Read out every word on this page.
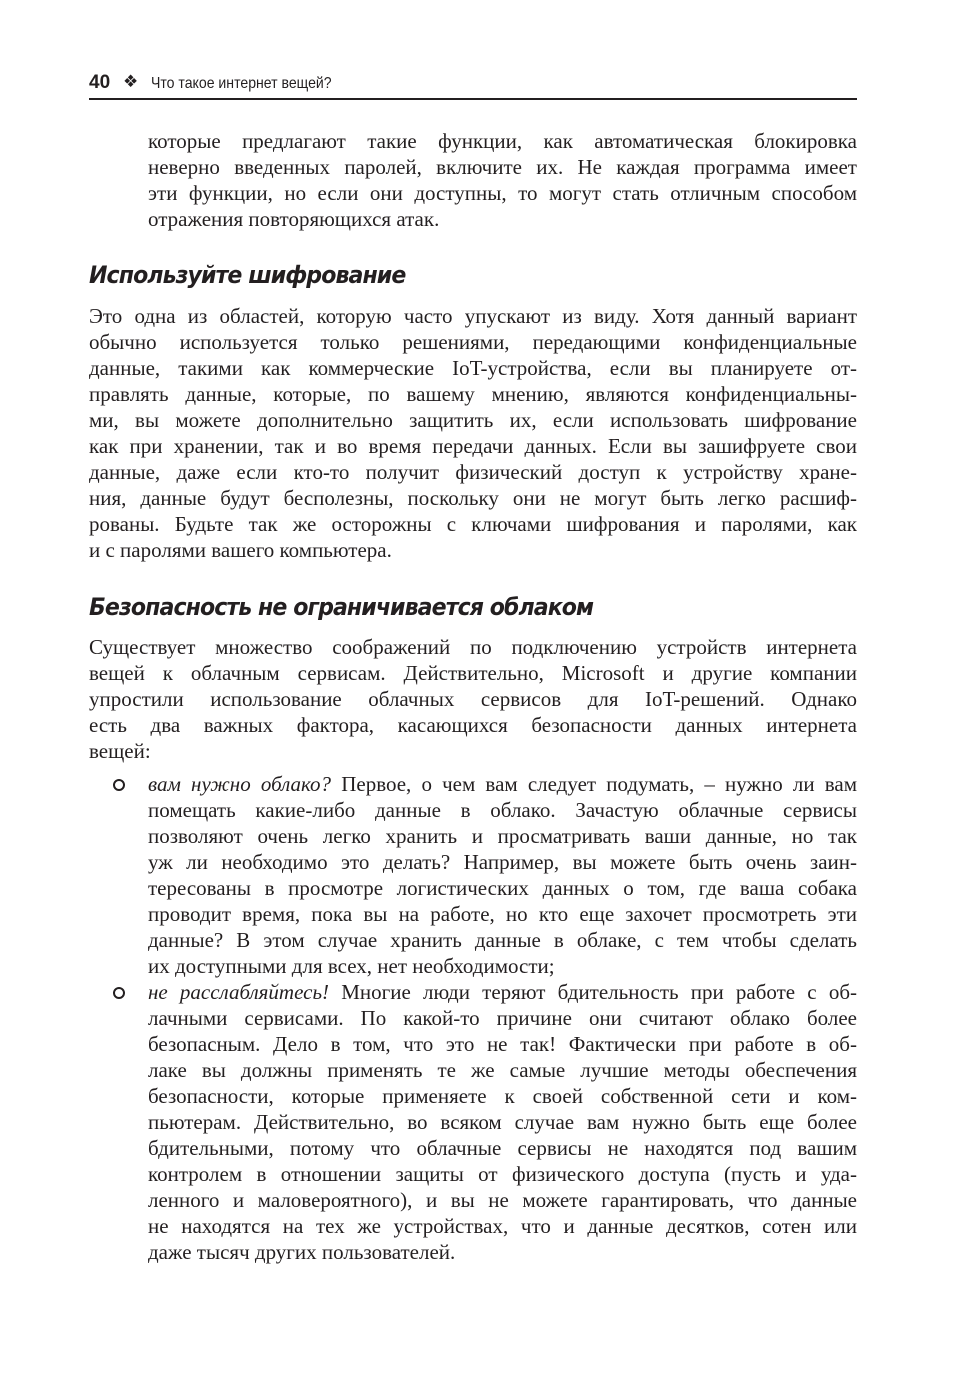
40 ❖ Что такое интернет вещей?
которые предлагают такие функции, как автоматическая блокировка
неверно введенных паролей, включите их. Не каждая программа имеет
эти функции, но если они доступны, то могут стать отличным способом
отражения повторяющихся атак.
Используйте шифрование
Это одна из областей, которую часто упускают из виду. Хотя данный вариант
обычно используется только решениями, передающими конфиденциальные
данные, такими как коммерческие IoT-устройства, если вы планируете от-
правлять данные, которые, по вашему мнению, являются конфиденциальны-
ми, вы можете дополнительно защитить их, если использовать шифрование
как при хранении, так и во время передачи данных. Если вы зашифруете свои
данные, даже если кто-то получит физический доступ к устройству хране-
ния, данные будут бесполезны, поскольку они не могут быть легко расшиф-
рованы. Будьте так же осторожны с ключами шифрования и паролями, как
и с паролями вашего компьютера.
Безопасность не ограничивается облаком
Существует множество соображений по подключению устройств интернета
вещей к облачным сервисам. Действительно, Microsoft и другие компании
упростили использование облачных сервисов для IoT-решений. Однако
есть два важных фактора, касающихся безопасности данных интернета
вещей:
вам нужно облако? Первое, о чем вам следует подумать, – нужно ли вам
помещать какие-либо данные в облако. Зачастую облачные сервисы
позволяют очень легко хранить и просматривать ваши данные, но так
уж ли необходимо это делать? Например, вы можете быть очень заин-
тересованы в просмотре логистических данных о том, где ваша собака
проводит время, пока вы на работе, но кто еще захочет просмотреть эти
данные? В этом случае хранить данные в облаке, с тем чтобы сделать
их доступными для всех, нет необходимости;
не расслабляйтесь! Многие люди теряют бдительность при работе с об-
лачными сервисами. По какой-то причине они считают облако более
безопасным. Дело в том, что это не так! Фактически при работе в об-
лаке вы должны применять те же самые лучшие методы обеспечения
безопасности, которые применяете к своей собственной сети и ком-
пьютерам. Действительно, во всяком случае вам нужно быть еще более
бдительными, потому что облачные сервисы не находятся под вашим
контролем в отношении защиты от физического доступа (пусть и уда-
ленного и маловероятного), и вы не можете гарантировать, что данные
не находятся на тех же устройствах, что и данные десятков, сотен или
даже тысяч других пользователей.
